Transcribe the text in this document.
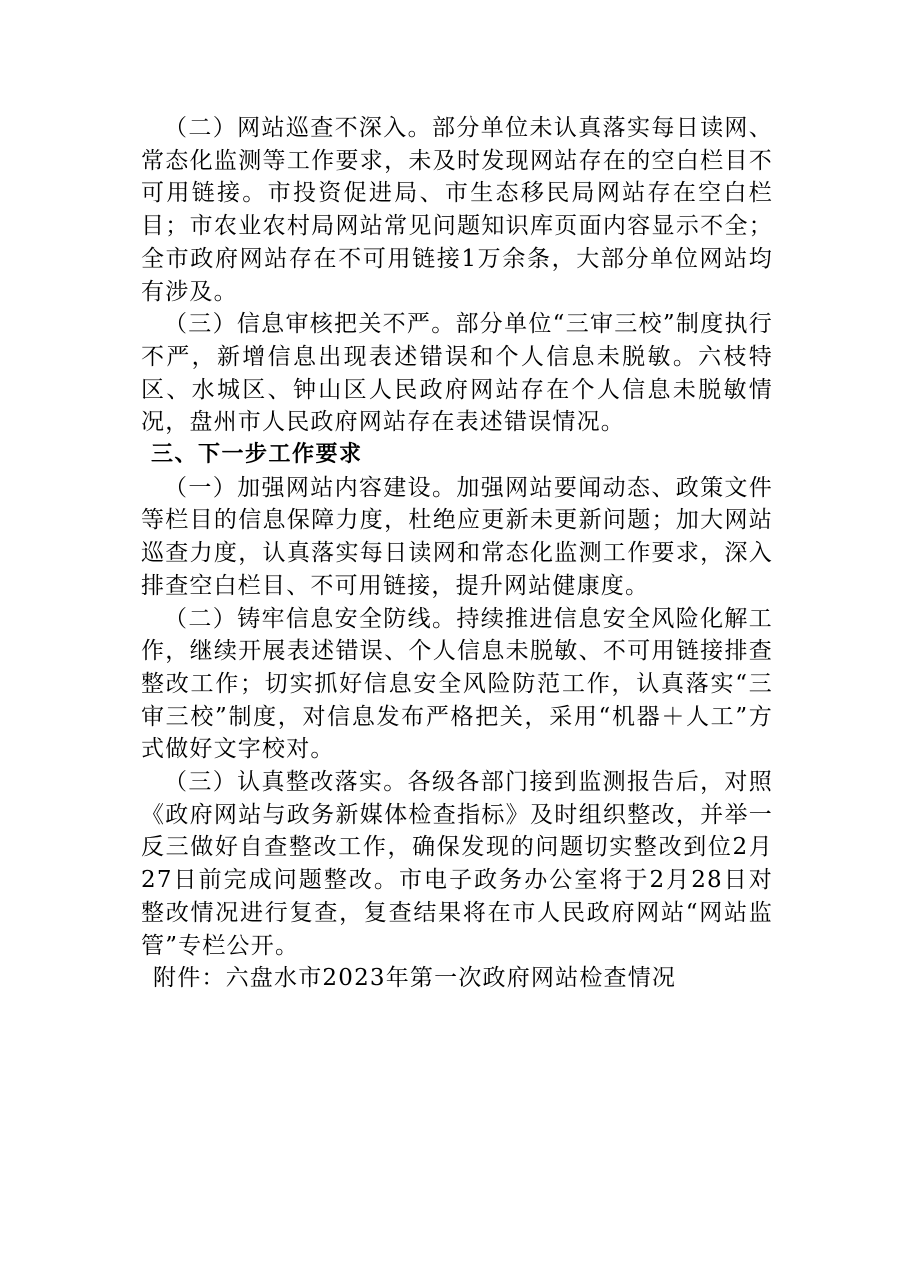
（二）网站巡查不深入。部分单位未认真落实每日读网、常态化监测等工作要求，未及时发现网站存在的空白栏目不可用链接。市投资促进局、市生态移民局网站存在空白栏目；市农业农村局网站常见问题知识库页面内容显示不全；全市政府网站存在不可用链接1万余条，大部分单位网站均有涉及。

（三）信息审核把关不严。部分单位“三审三校”制度执行不严，新增信息出现表述错误和个人信息未脱敏。六枝特区、水城区、钟山区人民政府网站存在个人信息未脱敏情况，盘州市人民政府网站存在表述错误情况。

三、下一步工作要求

（一）加强网站内容建设。加强网站要闻动态、政策文件等栏目的信息保障力度，杜绝应更新未更新问题；加大网站巡查力度，认真落实每日读网和常态化监测工作要求，深入排查空白栏目、不可用链接，提升网站健康度。

（二）铸牢信息安全防线。持续推进信息安全风险化解工作，继续开展表述错误、个人信息未脱敏、不可用链接排查整改工作；切实抓好信息安全风险防范工作，认真落实“三审三校”制度，对信息发布严格把关，采用“机器＋人工”方式做好文字校对。

（三）认真整改落实。各级各部门接到监测报告后，对照《政府网站与政务新媒体检查指标》及时组织整改，并举一反三做好自查整改工作，确保发现的问题切实整改到位2月27日前完成问题整改。市电子政务办公室将于2月28日对整改情况进行复查，复查结果将在市人民政府网站“网站监管”专栏公开。

附件：六盘水市2023年第一次政府网站检查情况
